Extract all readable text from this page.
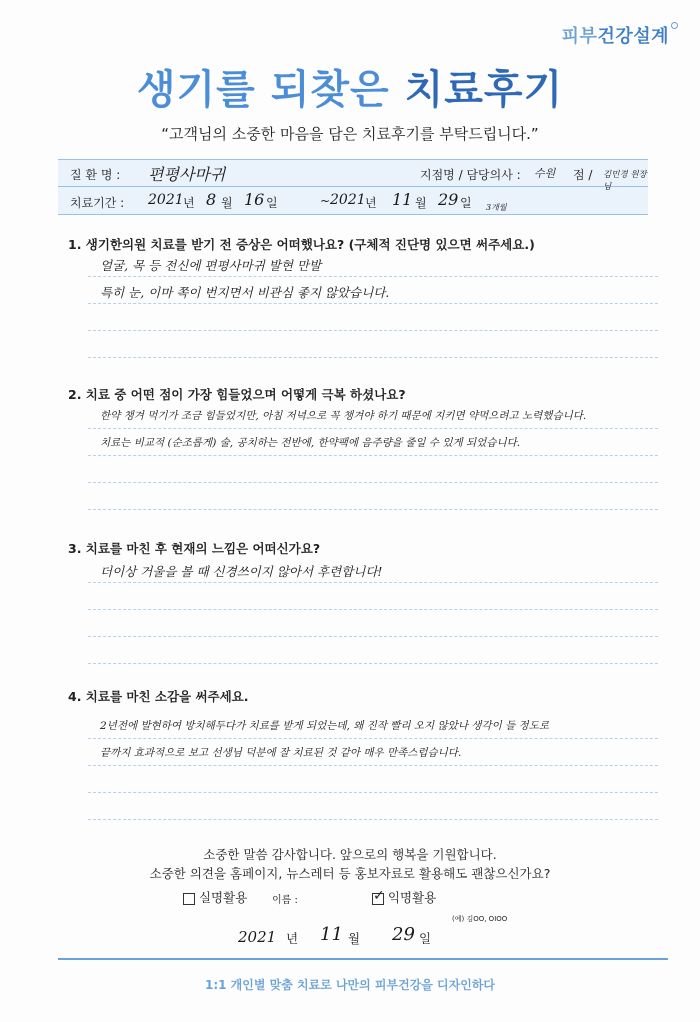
피부건강설계
생기를 되찾은 치료후기
“고객님의 소중한 마음을 담은 치료후기를 부탁드립니다.”
질 환 명 : 편평사마귀	지점명 / 담당의사 : 수원 점 / 김민경 원장님
치료기간 : 2021 년 8 월 16 일	~ 2021 년 11 월 29 일 3개월
1. 생기한의원 치료를 받기 전 증상은 어떠했나요? (구체적 진단명 있으면 써주세요.)
얼굴, 목 등 전신에 편평사마귀 발현 만발
특히 눈, 이마 쪽이 번지면서 비관심 좋지 않았습니다.
2. 치료 중 어떤 점이 가장 힘들었으며 어떻게 극복 하셨나요?
한약 챙겨 먹기가 조금 힘들었지만, 아침 저녁으로 꼭 챙겨야 하기 때문에 지키면 약먹으려고 노력했습니다.
치료는 비교적 (순조롭게) 술, 공치하는 전반에, 한약팩에 음주량을 줄일 수 있게 되었습니다.
3. 치료를 마친 후 현재의 느낌은 어떠신가요?
더이상 거울을 볼 때 신경쓰이지 않아서 후련합니다!
4. 치료를 마친 소감을 써주세요.
2년전에 발현하여 방치해두다가 치료를 받게 되었는데, 왜 진작 빨리 오지 않았나 생각이 들 정도로
끝까지 효과적으로 보고 선생님 덕분에 잘 치료된 것 같아 매우 만족스럽습니다.
소중한 말씀 감사합니다. 앞으로의 행복을 기원합니다.
소중한 의견을 홈페이지, 뉴스레터 등 홍보자료로 활용해도 괜찮으신가요?
실명활용 이름 :	✓ 익명활용
(예) 김OO, OIOO
2021 년 11 월 29 일
1:1 개인별 맞춤 치료로 나만의 피부건강을 디자인하다
